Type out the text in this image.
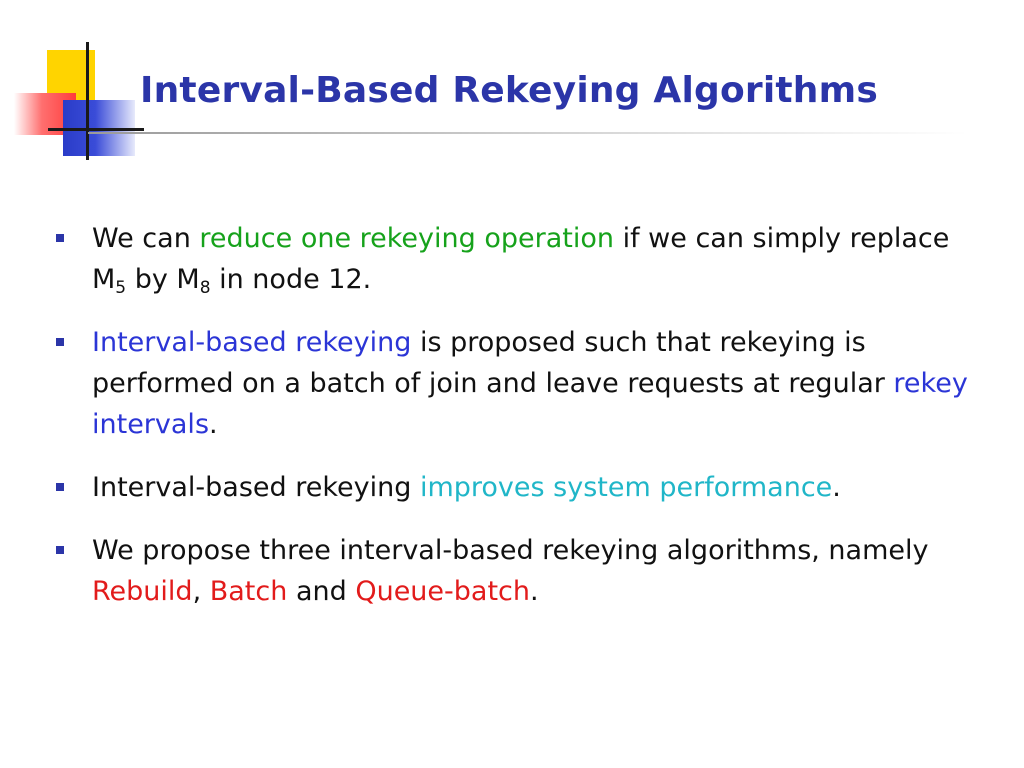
Interval-Based Rekeying Algorithms
We can reduce one rekeying operation if we can simply replace $M_5$ by $M_8$ in node 12.
Interval-based rekeying is proposed such that rekeying is performed on a batch of join and leave requests at regular rekey intervals.
Interval-based rekeying improves system performance.
We propose three interval-based rekeying algorithms, namely Rebuild, Batch and Queue-batch.
